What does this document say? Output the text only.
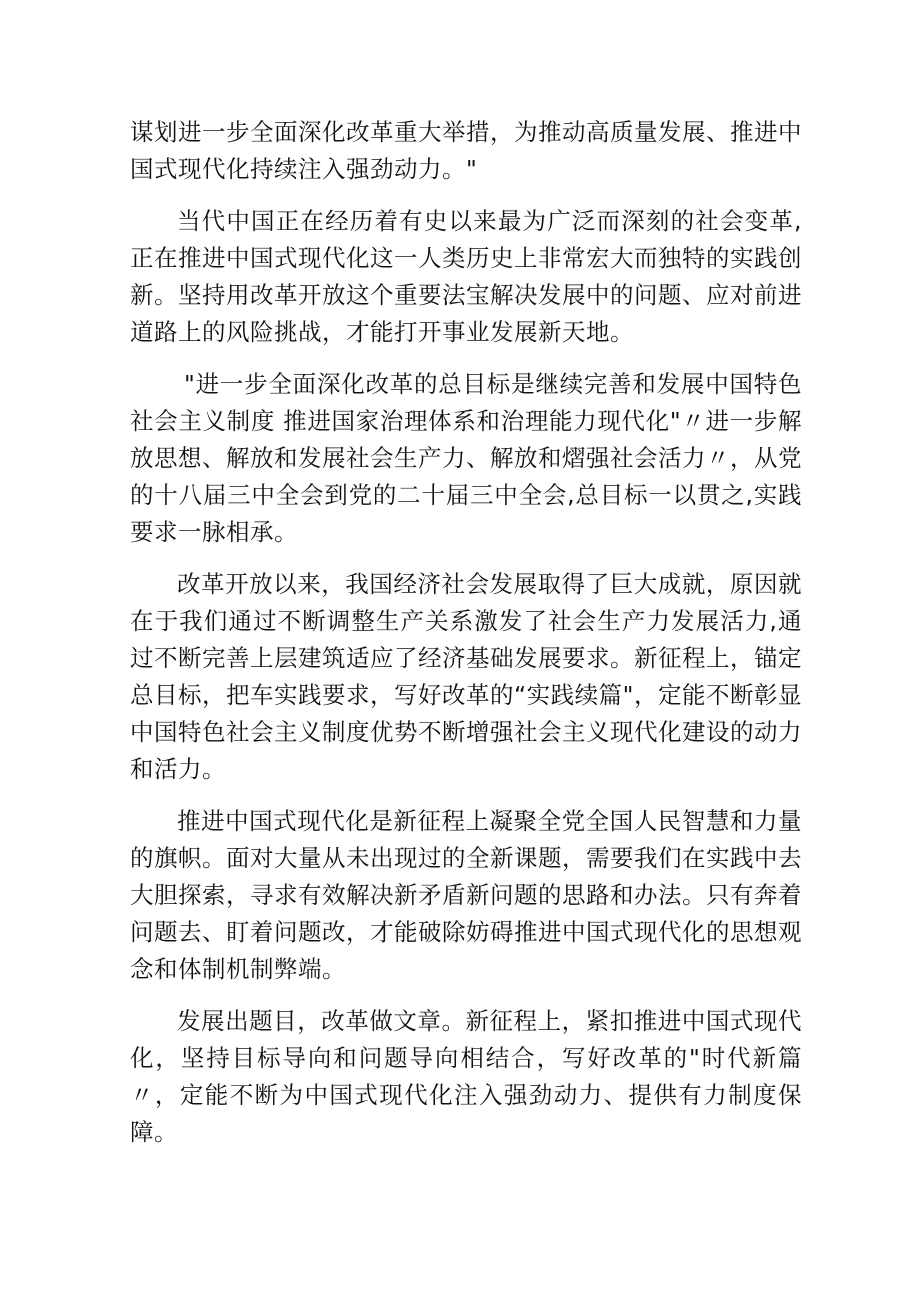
谋划进一步全面深化改革重大举措，为推动高质量发展、推进中国式现代化持续注入强劲动力。"

当代中国正在经历着有史以来最为广泛而深刻的社会变革,正在推进中国式现代化这一人类历史上非常宏大而独特的实践创新。坚持用改革开放这个重要法宝解决发展中的问题、应对前进道路上的风险挑战，才能打开事业发展新天地。

"进一步全面深化改革的总目标是继续完善和发展中国特色社会主义制度 推进国家治理体系和治理能力现代化"〃进一步解放思想、解放和发展社会生产力、解放和熠强社会活力〃，从党的十八届三中全会到党的二十届三中全会,总目标一以贯之,实践要求一脉相承。

改革开放以来，我国经济社会发展取得了巨大成就，原因就在于我们通过不断调整生产关系激发了社会生产力发展活力,通过不断完善上层建筑适应了经济基础发展要求。新征程上，锚定总目标，把车实践要求，写好改革的“实践续篇"，定能不断彰显中国特色社会主义制度优势不断增强社会主义现代化建设的动力和活力。

推进中国式现代化是新征程上凝聚全党全国人民智慧和力量的旗帜。面对大量从未出现过的全新课题，需要我们在实践中去大胆探索，寻求有效解决新矛盾新问题的思路和办法。只有奔着问题去、盯着问题改，才能破除妨碍推进中国式现代化的思想观念和体制机制弊端。

发展出题目，改革做文章。新征程上，紧扣推进中国式现代化，坚持目标导向和问题导向相结合，写好改革的"时代新篇〃，定能不断为中国式现代化注入强劲动力、提供有力制度保障。
